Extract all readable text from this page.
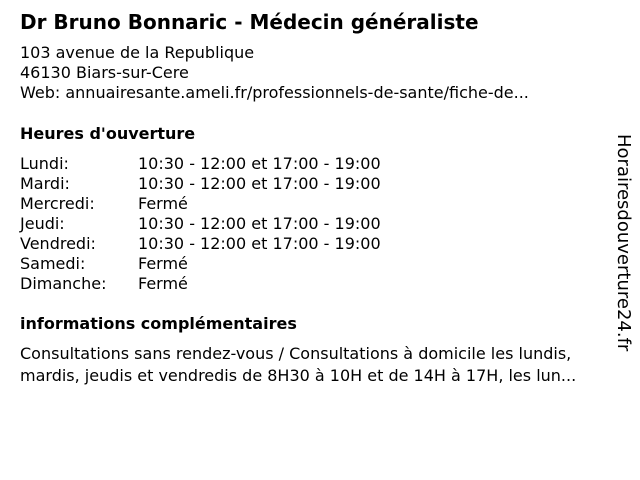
Dr Bruno Bonnaric - Médecin généraliste
103 avenue de la Republique
46130 Biars-sur-Cere
Web: annuairesante.ameli.fr/professionnels-de-sante/fiche-de...
Heures d'ouverture
Lundi:	10:30 - 12:00 et 17:00 - 19:00
Mardi:	10:30 - 12:00 et 17:00 - 19:00
Mercredi:	Fermé
Jeudi:	10:30 - 12:00 et 17:00 - 19:00
Vendredi:	10:30 - 12:00 et 17:00 - 19:00
Samedi:	Fermé
Dimanche: Fermé
informations complémentaires
Consultations sans rendez-vous / Consultations à domicile les lundis,
mardis, jeudis et vendredis de 8H30 à 10H et de 14H à 17H, les lun...
Horairesdouverture24.fr
